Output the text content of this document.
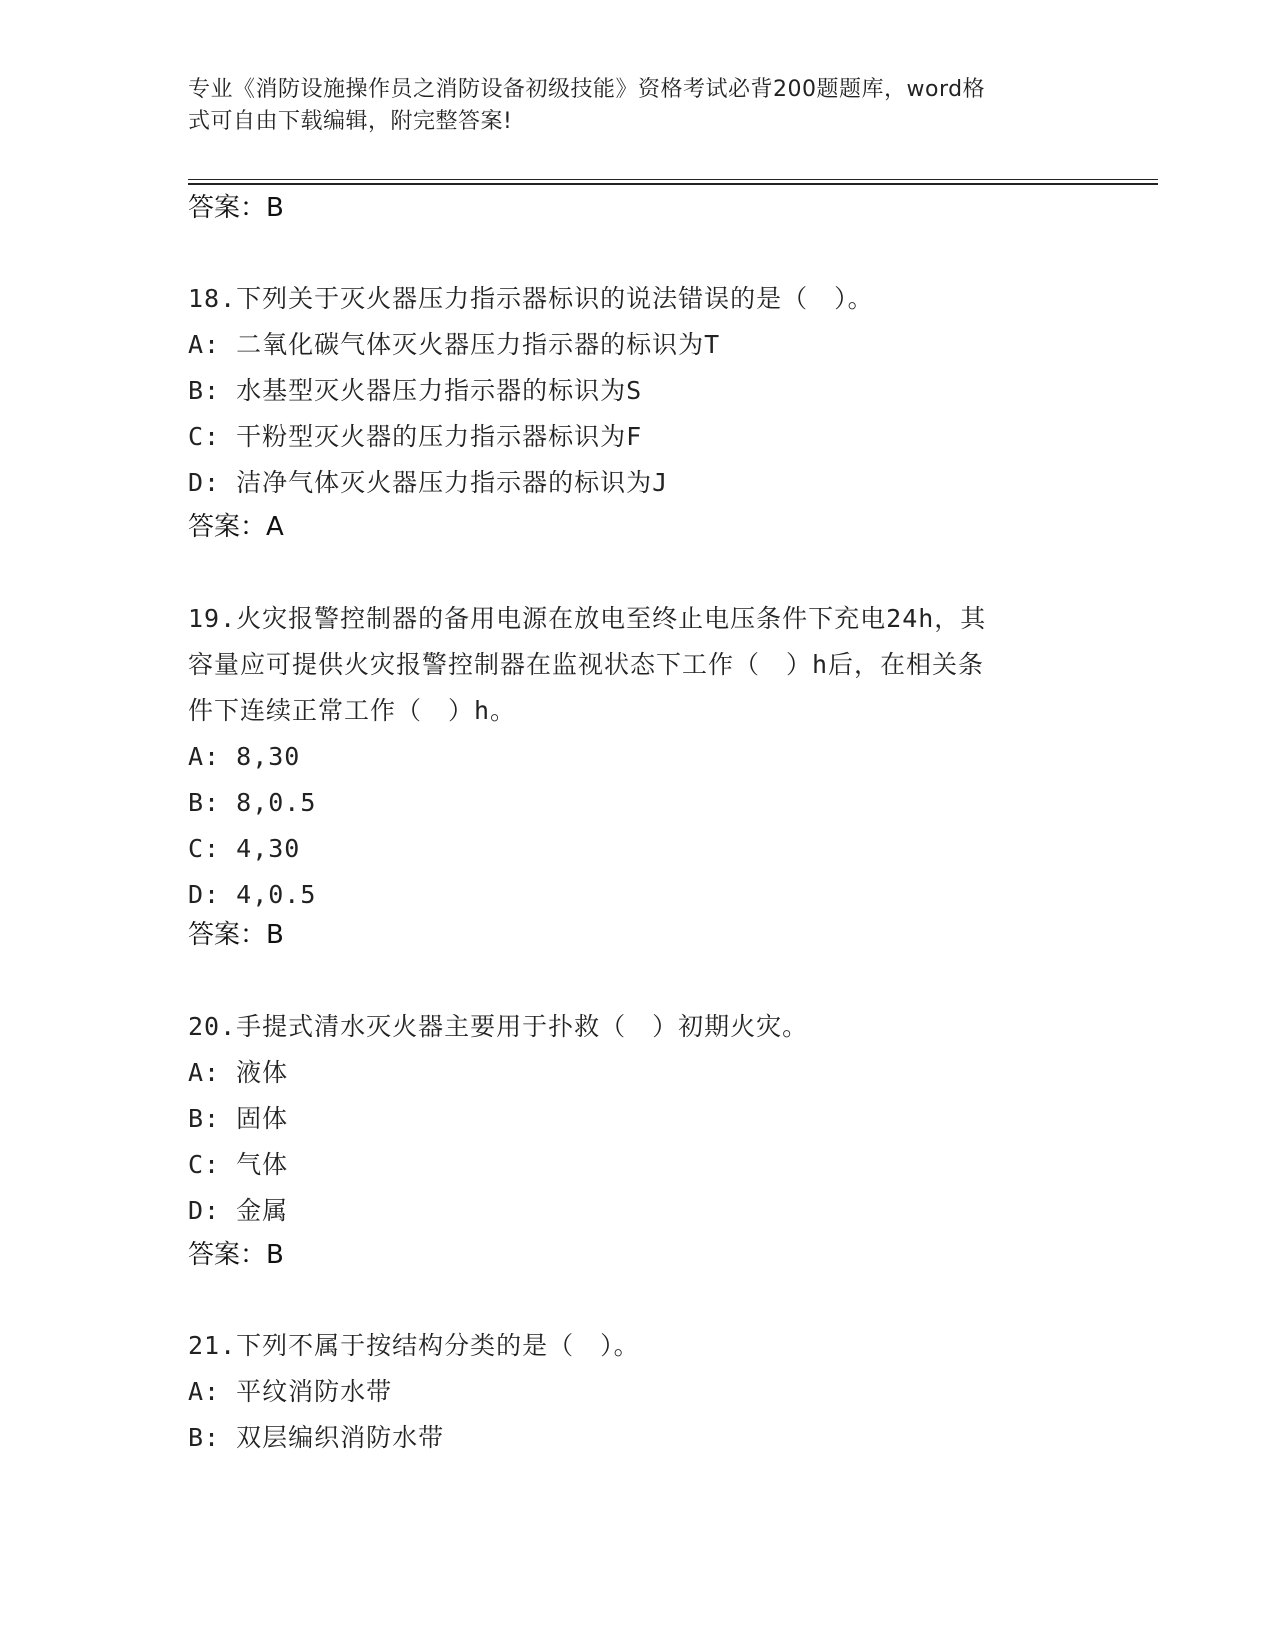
专业《消防设施操作员之消防设备初级技能》资格考试必背200题题库，word格
式可自由下载编辑，附完整答案!
答案：B
18.下列关于灭火器压力指示器标识的说法错误的是（　）。
A: 二氧化碳气体灭火器压力指示器的标识为T
B: 水基型灭火器压力指示器的标识为S
C: 干粉型灭火器的压力指示器标识为F
D: 洁净气体灭火器压力指示器的标识为J
答案：A
19.火灾报警控制器的备用电源在放电至终止电压条件下充电24h，其
容量应可提供火灾报警控制器在监视状态下工作（　）h后，在相关条
件下连续正常工作（　）h。
A: 8,30
B: 8,0.5
C: 4,30
D: 4,0.5
答案：B
20.手提式清水灭火器主要用于扑救（　）初期火灾。
A: 液体
B: 固体
C: 气体
D: 金属
答案：B
21.下列不属于按结构分类的是（　）。
A: 平纹消防水带
B: 双层编织消防水带
